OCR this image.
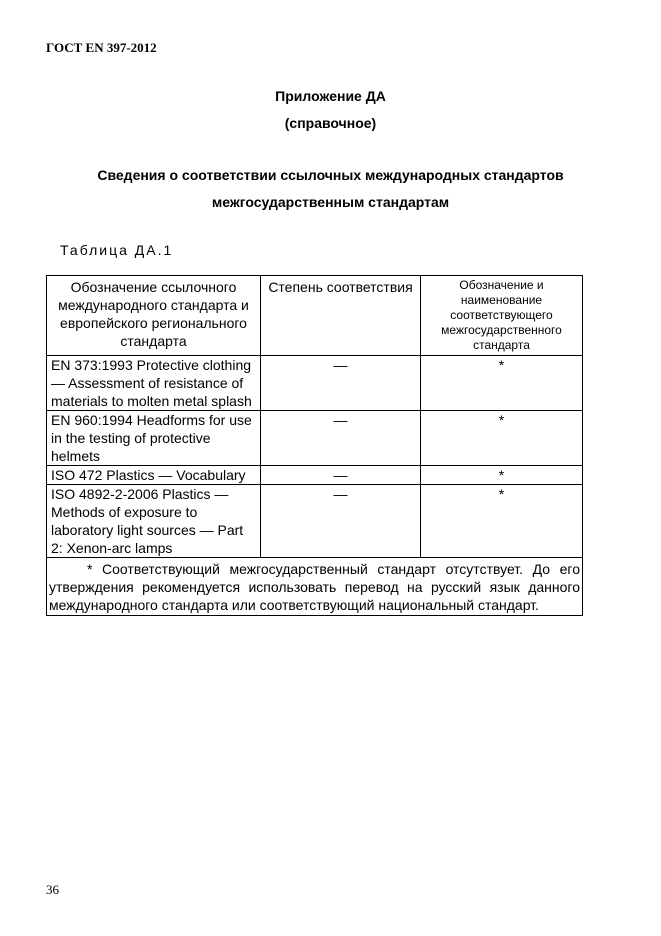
ГОСТ EN 397-2012
Приложение ДА
(справочное)
Сведения о соответствии ссылочных международных стандартов
межгосударственным стандартам
Таблица ДА.1
Обозначение ссылочного международного стандарта и европейского регионального стандарта	Степень соответствия	Обозначение и наименование соответствующего межгосударственного стандарта
EN 373:1993 Protective clothing — Assessment of resistance of materials to molten metal splash	—	*
EN 960:1994 Headforms for use in the testing of protective helmets	—	*
ISO 472 Plastics — Vocabulary	—	*
ISO 4892-2-2006 Plastics — Methods of exposure to laboratory light sources — Part 2: Xenon-arc lamps	—	*
* Соответствующий межгосударственный стандарт отсутствует. До его утверждения рекомендуется использовать перевод на русский язык данного международного стандарта или соответствующий национальный стандарт.		
36
